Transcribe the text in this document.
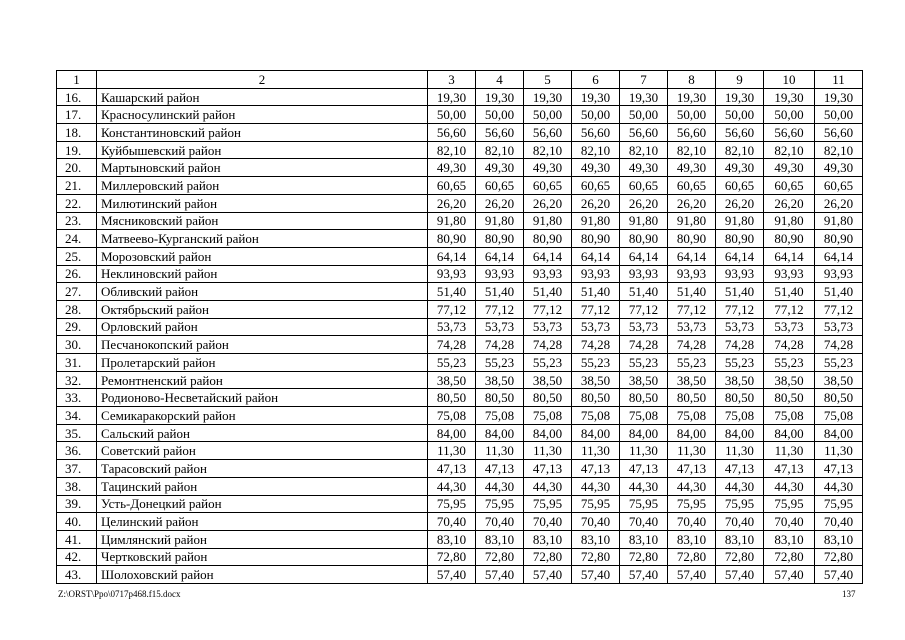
1	2	3	4	5	6	7	8	9	10	11
16.	Кашарский район	19,30	19,30	19,30	19,30	19,30	19,30	19,30	19,30	19,30
17.	Красносулинский район	50,00	50,00	50,00	50,00	50,00	50,00	50,00	50,00	50,00
18.	Константиновский район	56,60	56,60	56,60	56,60	56,60	56,60	56,60	56,60	56,60
19.	Куйбышевский район	82,10	82,10	82,10	82,10	82,10	82,10	82,10	82,10	82,10
20.	Мартыновский район	49,30	49,30	49,30	49,30	49,30	49,30	49,30	49,30	49,30
21.	Миллеровский район	60,65	60,65	60,65	60,65	60,65	60,65	60,65	60,65	60,65
22.	Милютинский район	26,20	26,20	26,20	26,20	26,20	26,20	26,20	26,20	26,20
23.	Мясниковский район	91,80	91,80	91,80	91,80	91,80	91,80	91,80	91,80	91,80
24.	Матвеево-Курганский район	80,90	80,90	80,90	80,90	80,90	80,90	80,90	80,90	80,90
25.	Морозовский район	64,14	64,14	64,14	64,14	64,14	64,14	64,14	64,14	64,14
26.	Неклиновский район	93,93	93,93	93,93	93,93	93,93	93,93	93,93	93,93	93,93
27.	Обливский район	51,40	51,40	51,40	51,40	51,40	51,40	51,40	51,40	51,40
28.	Октябрьский район	77,12	77,12	77,12	77,12	77,12	77,12	77,12	77,12	77,12
29.	Орловский район	53,73	53,73	53,73	53,73	53,73	53,73	53,73	53,73	53,73
30.	Песчанокопский район	74,28	74,28	74,28	74,28	74,28	74,28	74,28	74,28	74,28
31.	Пролетарский район	55,23	55,23	55,23	55,23	55,23	55,23	55,23	55,23	55,23
32.	Ремонтненский район	38,50	38,50	38,50	38,50	38,50	38,50	38,50	38,50	38,50
33.	Родионово-Несветайский район	80,50	80,50	80,50	80,50	80,50	80,50	80,50	80,50	80,50
34.	Семикаракорский район	75,08	75,08	75,08	75,08	75,08	75,08	75,08	75,08	75,08
35.	Сальский район	84,00	84,00	84,00	84,00	84,00	84,00	84,00	84,00	84,00
36.	Советский район	11,30	11,30	11,30	11,30	11,30	11,30	11,30	11,30	11,30
37.	Тарасовский район	47,13	47,13	47,13	47,13	47,13	47,13	47,13	47,13	47,13
38.	Тацинский район	44,30	44,30	44,30	44,30	44,30	44,30	44,30	44,30	44,30
39.	Усть-Донецкий район	75,95	75,95	75,95	75,95	75,95	75,95	75,95	75,95	75,95
40.	Целинский район	70,40	70,40	70,40	70,40	70,40	70,40	70,40	70,40	70,40
41.	Цимлянский район	83,10	83,10	83,10	83,10	83,10	83,10	83,10	83,10	83,10
42.	Чертковский район	72,80	72,80	72,80	72,80	72,80	72,80	72,80	72,80	72,80
43.	Шолоховский район	57,40	57,40	57,40	57,40	57,40	57,40	57,40	57,40	57,40
Z:\ORST\Ppo\0717p468.f15.docx	137
